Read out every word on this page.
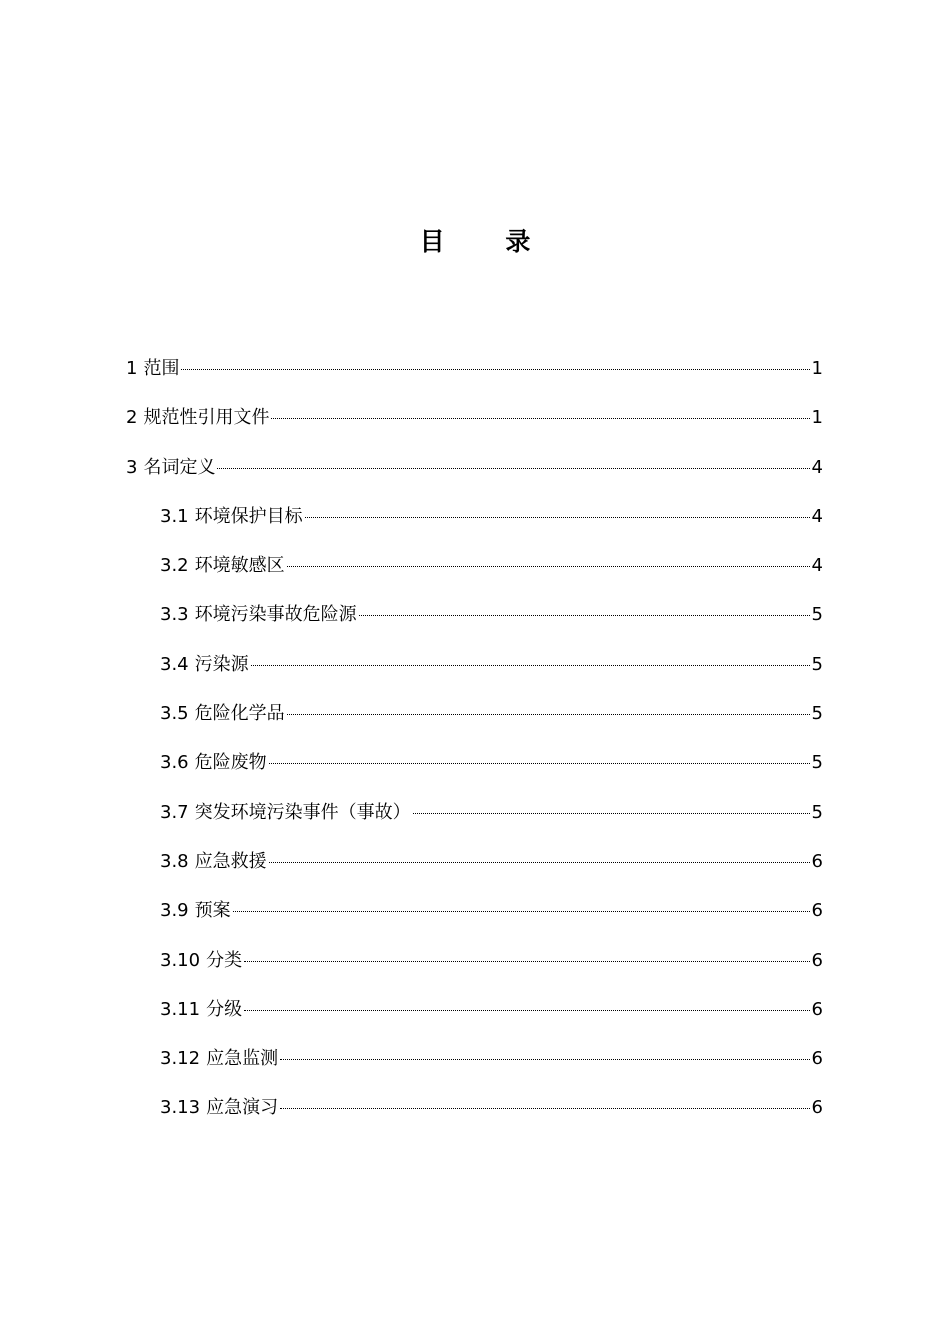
目 录
1 范围	1
2 规范性引用文件	1
3 名词定义	4
3.1 环境保护目标	4
3.2 环境敏感区	4
3.3 环境污染事故危险源	5
3.4 污染源	5
3.5 危险化学品	5
3.6 危险废物	5
3.7 突发环境污染事件（事故）	5
3.8 应急救援	6
3.9 预案	6
3.10 分类	6
3.11 分级	6
3.12 应急监测	6
3.13 应急演习	6
